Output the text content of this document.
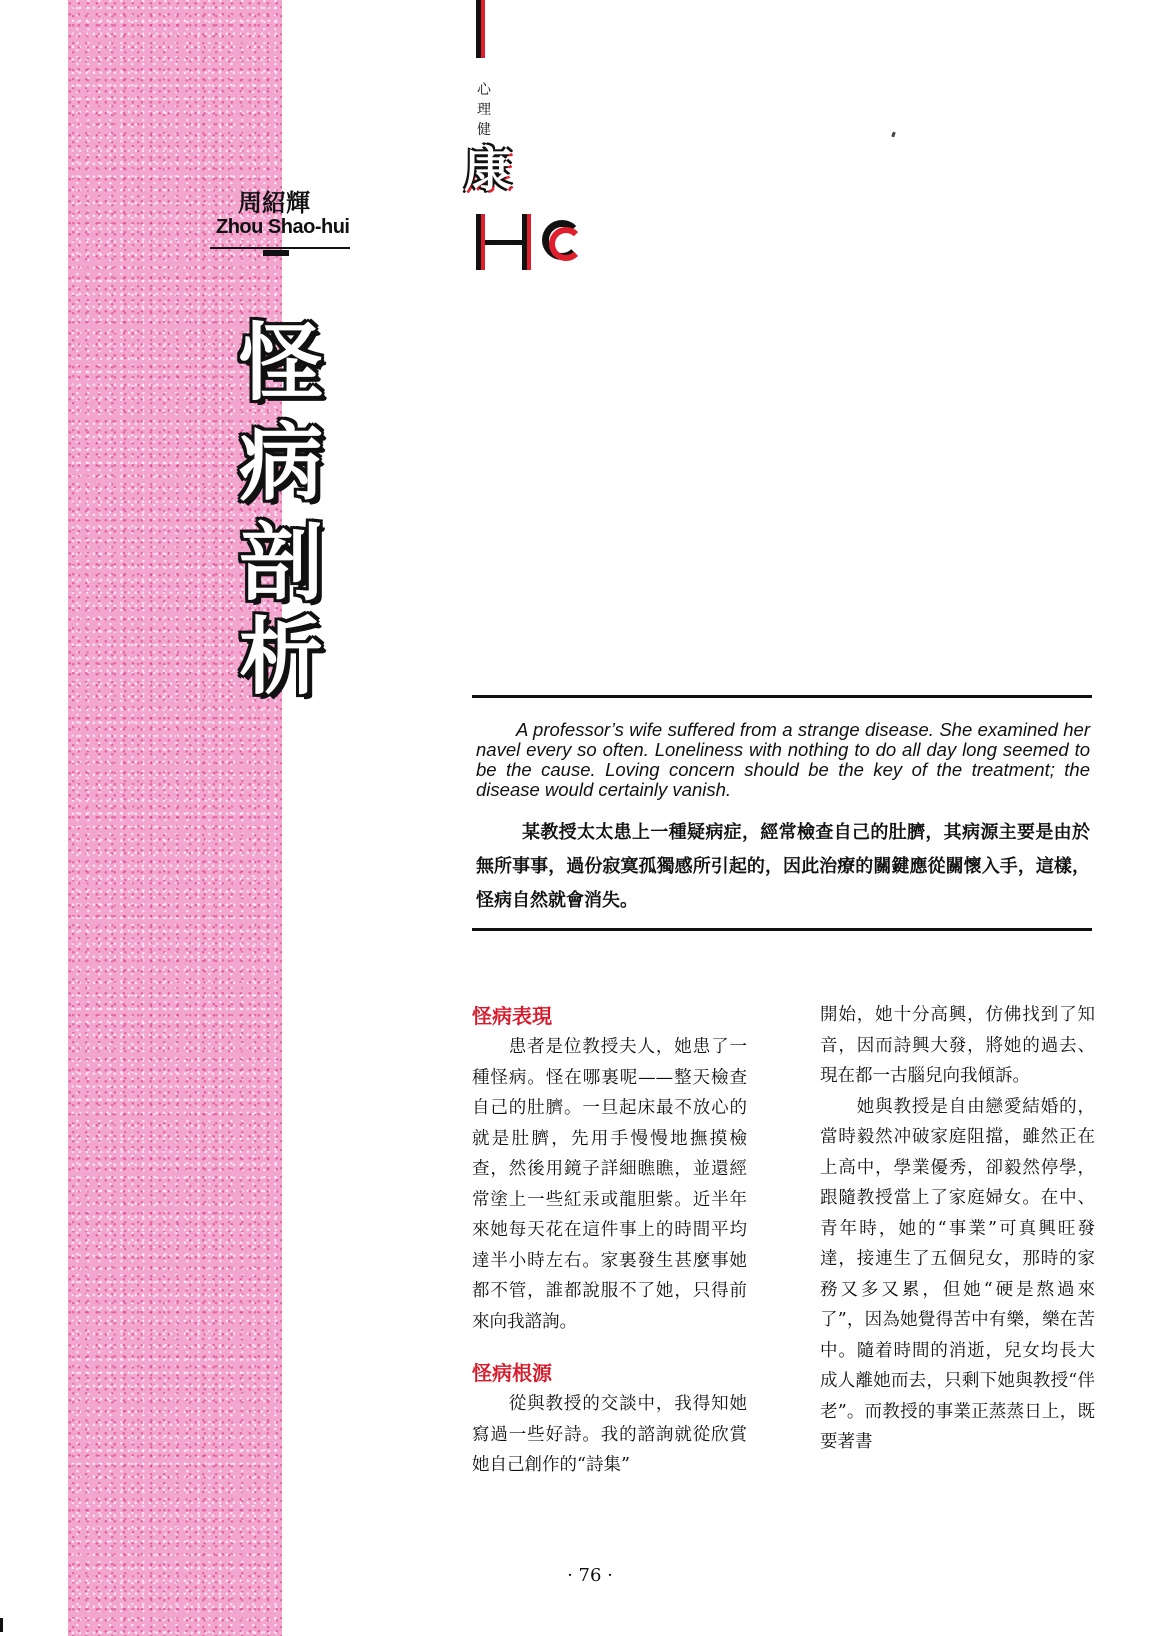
周紹輝
Zhou Shao-hui
怪
病
剖
析
心
理
健
康
A professor’s wife suffered from a strange disease. She examined her navel every so often. Loneliness with nothing to do all day long seemed to be the cause. Loving concern should be the key of the treatment; the disease would certainly vanish.
某教授太太患上一種疑病症，經常檢查自己的肚臍，其病源主要是由於無所事事，過份寂寞孤獨感所引起的，因此治療的關鍵應從關懷入手，這樣，怪病自然就會消失。
怪病表現

患者是位教授夫人，她患了一種怪病。怪在哪裏呢——整天檢查自己的肚臍。一旦起床最不放心的就是肚臍，先用手慢慢地撫摸檢查，然後用鏡子詳細瞧瞧，並還經常塗上一些紅汞或龍胆紫。近半年來她每天花在這件事上的時間平均達半小時左右。家裏發生甚麼事她都不管，誰都說服不了她，只得前來向我諮詢。

怪病根源

從與教授的交談中，我得知她寫過一些好詩。我的諮詢就從欣賞她自己創作的“詩集”

開始，她十分高興，仿佛找到了知音，因而詩興大發，將她的過去、現在都一古腦兒向我傾訴。

她與教授是自由戀愛結婚的，當時毅然冲破家庭阻擋，雖然正在上高中，學業優秀，卻毅然停學，跟隨教授當上了家庭婦女。在中、青年時，她的“事業”可真興旺發達，接連生了五個兒女，那時的家務又多又累，但她“硬是熬過來了”，因為她覺得苦中有樂，樂在苦中。隨着時間的消逝，兒女均長大成人離她而去，只剩下她與教授“伴老”。而教授的事業正蒸蒸日上，既要著書

· 76 ·
